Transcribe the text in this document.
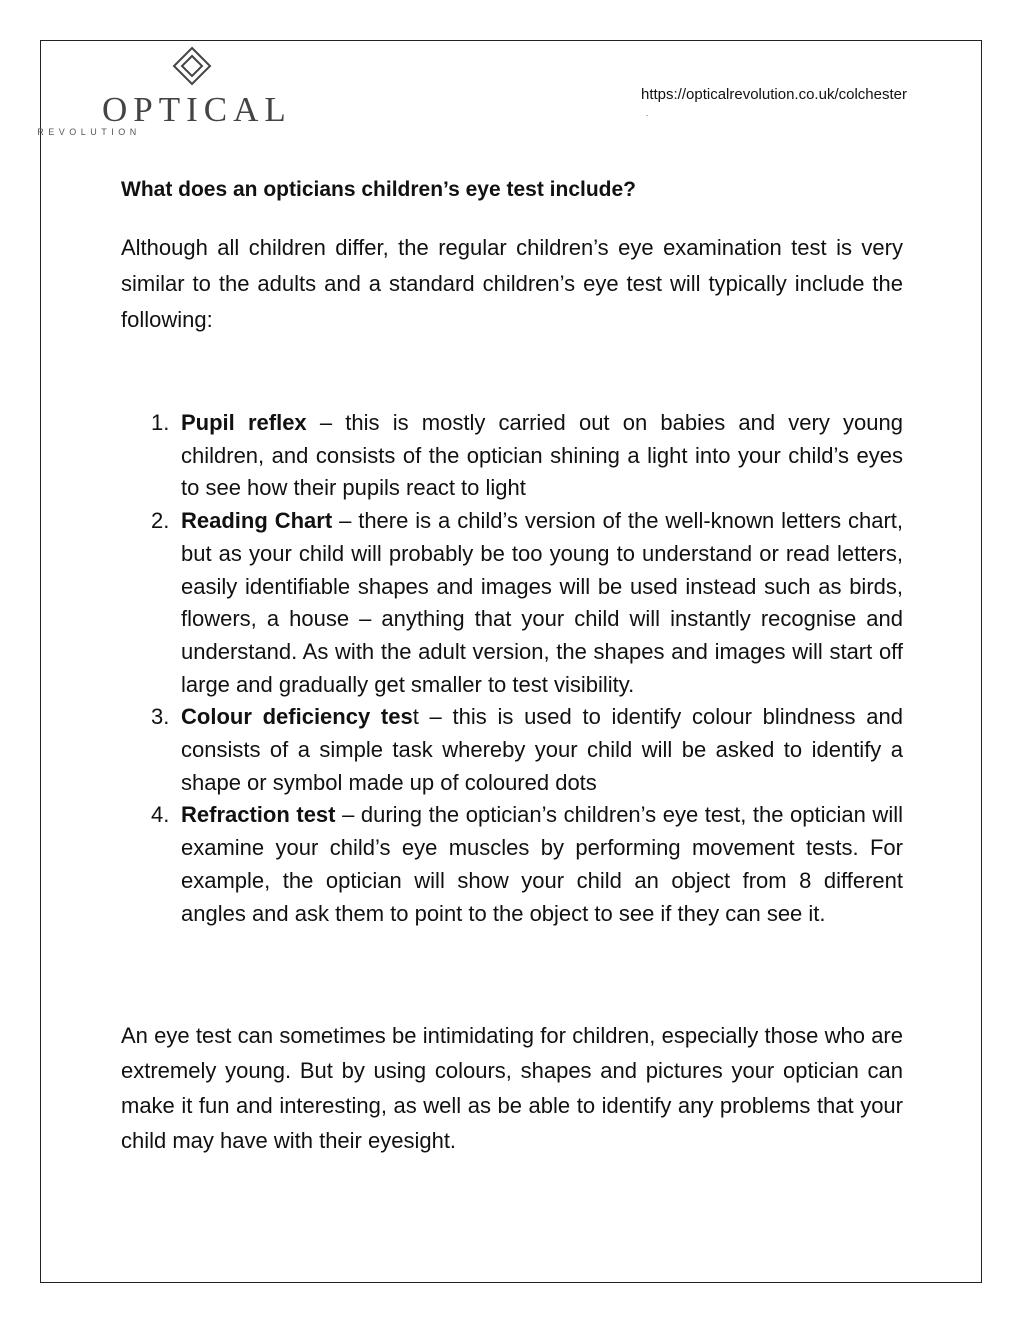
OPTICAL
REVOLUTION
https://opticalrevolution.co.uk/colchester
.
What does an opticians children’s eye test include?

Although all children differ, the regular children’s eye examination test is very similar to the adults and a standard children’s eye test will typically include the following:

1. Pupil reflex – this is mostly carried out on babies and very young children, and consists of the optician shining a light into your child’s eyes to see how their pupils react to light
2. Reading Chart – there is a child’s version of the well-known letters chart, but as your child will probably be too young to understand or read letters, easily identifiable shapes and images will be used instead such as birds, flowers, a house – anything that your child will instantly recognise and understand. As with the adult version, the shapes and images will start off large and gradually get smaller to test visibility.
3. Colour deficiency test – this is used to identify colour blindness and consists of a simple task whereby your child will be asked to identify a shape or symbol made up of coloured dots
4. Refraction test – during the optician’s children’s eye test, the optician will examine your child’s eye muscles by performing movement tests. For example, the optician will show your child an object from 8 different angles and ask them to point to the object to see if they can see it.

An eye test can sometimes be intimidating for children, especially those who are extremely young. But by using colours, shapes and pictures your optician can make it fun and interesting, as well as be able to identify any problems that your child may have with their eyesight.
